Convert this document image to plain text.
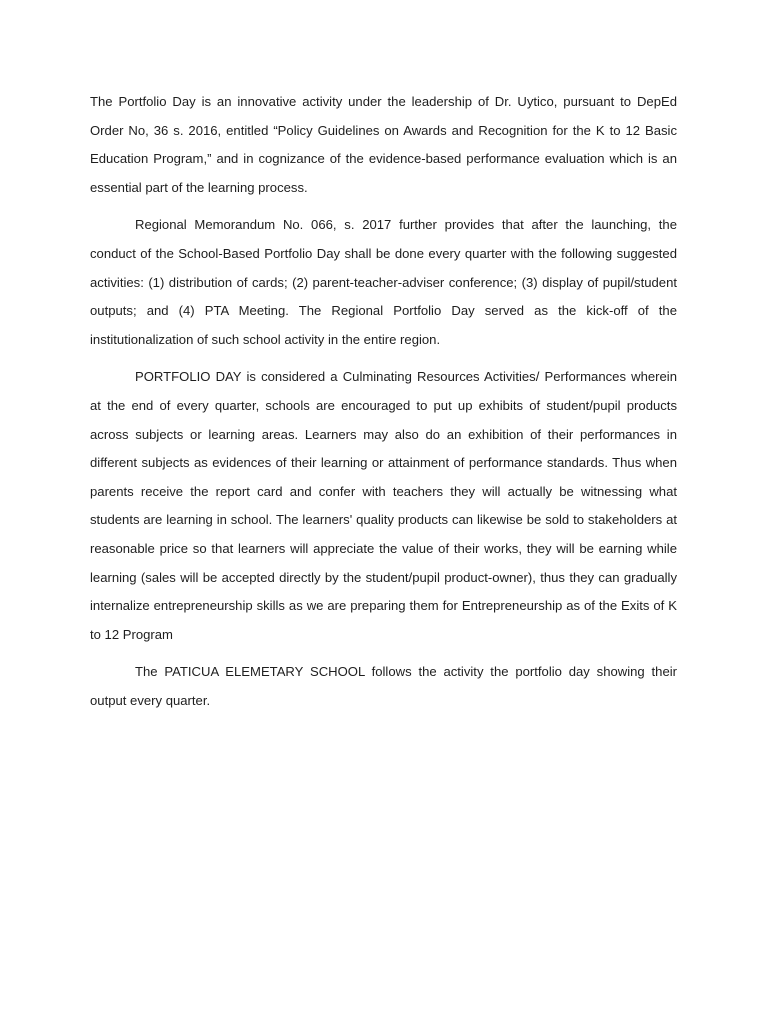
The Portfolio Day is an innovative activity under the leadership of Dr. Uytico, pursuant to DepEd Order No, 36 s. 2016, entitled “Policy Guidelines on Awards and Recognition for the K to 12 Basic Education Program,” and in cognizance of the evidence-based performance evaluation which is an essential part of the learning process.

Regional Memorandum No. 066, s. 2017 further provides that after the launching, the conduct of the School-Based Portfolio Day shall be done every quarter with the following suggested activities: (1) distribution of cards; (2) parent-teacher-adviser conference; (3) display of pupil/student outputs; and (4) PTA Meeting. The Regional Portfolio Day served as the kick-off of the institutionalization of such school activity in the entire region.

PORTFOLIO DAY is considered a Culminating Resources Activities/ Performances wherein at the end of every quarter, schools are encouraged to put up exhibits of student/pupil products across subjects or learning areas. Learners may also do an exhibition of their performances in different subjects as evidences of their learning or attainment of performance standards. Thus when parents receive the report card and confer with teachers they will actually be witnessing what students are learning in school. The learners' quality products can likewise be sold to stakeholders at reasonable price so that learners will appreciate the value of their works, they will be earning while learning (sales will be accepted directly by the student/pupil product-owner), thus they can gradually internalize entrepreneurship skills as we are preparing them for Entrepreneurship as of the Exits of K to 12 Program

The PATICUA ELEMETARY SCHOOL follows the activity the portfolio day showing their output every quarter.
